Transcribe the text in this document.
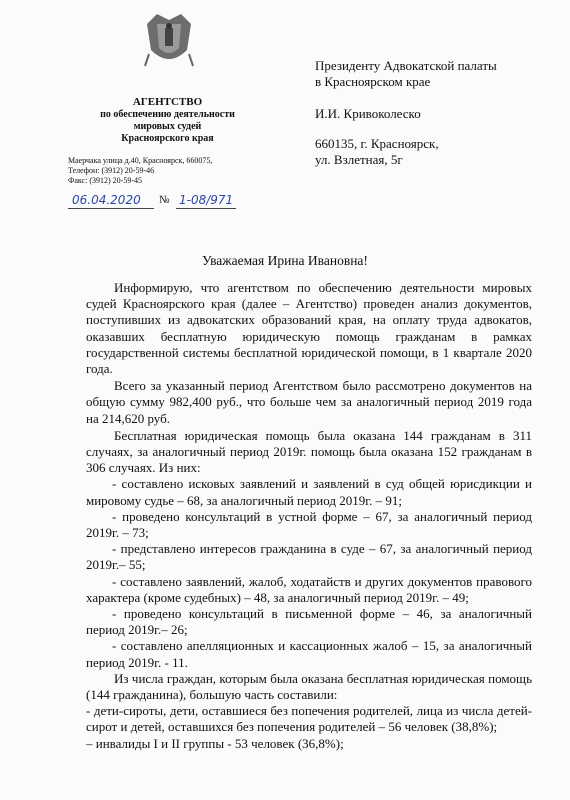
АГЕНТСТВО
по обеспечению деятельности
мировых судей
Красноярского края
Маерчака улица д.40, Красноярск, 660075,
Телефон: (3912) 20-59-46
Факс: (3912) 20-59-45
06.04.2020 № 1-08/971
Президенту Адвокатской палаты
в Красноярском крае
И.И. Кривоколеско
660135, г. Красноярск,
ул. Взлетная, 5г
Уважаемая Ирина Ивановна!

Информирую, что агентством по обеспечению деятельности мировых судей Красноярского края (далее – Агентство) проведен анализ документов, поступивших из адвокатских образований края, на оплату труда адвокатов, оказавших бесплатную юридическую помощь гражданам в рамках государственной системы бесплатной юридической помощи, в 1 квартале 2020 года.

Всего за указанный период Агентством было рассмотрено документов на общую сумму 982,400 руб., что больше чем за аналогичный период 2019 года на 214,620 руб.

Бесплатная юридическая помощь была оказана 144 гражданам в 311 случаях, за аналогичный период 2019г. помощь была оказана 152 гражданам в 306 случаях. Из них:

- составлено исковых заявлений и заявлений в суд общей юрисдикции и мировому судье – 68, за аналогичный период 2019г. – 91;

- проведено консультаций в устной форме – 67, за аналогичный период 2019г. – 73;

- представлено интересов гражданина в суде – 67, за аналогичный период 2019г.– 55;

- составлено заявлений, жалоб, ходатайств и других документов правового характера (кроме судебных) – 48, за аналогичный период 2019г. – 49;

- проведено консультаций в письменной форме – 46, за аналогичный период 2019г.– 26;

- составлено апелляционных и кассационных жалоб – 15, за аналогичный период 2019г. - 11.

Из числа граждан, которым была оказана бесплатная юридическая помощь (144 гражданина), большую часть составили:

- дети-сироты, дети, оставшиеся без попечения родителей, лица из числа детей-сирот и детей, оставшихся без попечения родителей – 56 человек (38,8%);

– инвалиды I и II группы - 53 человек (36,8%);
